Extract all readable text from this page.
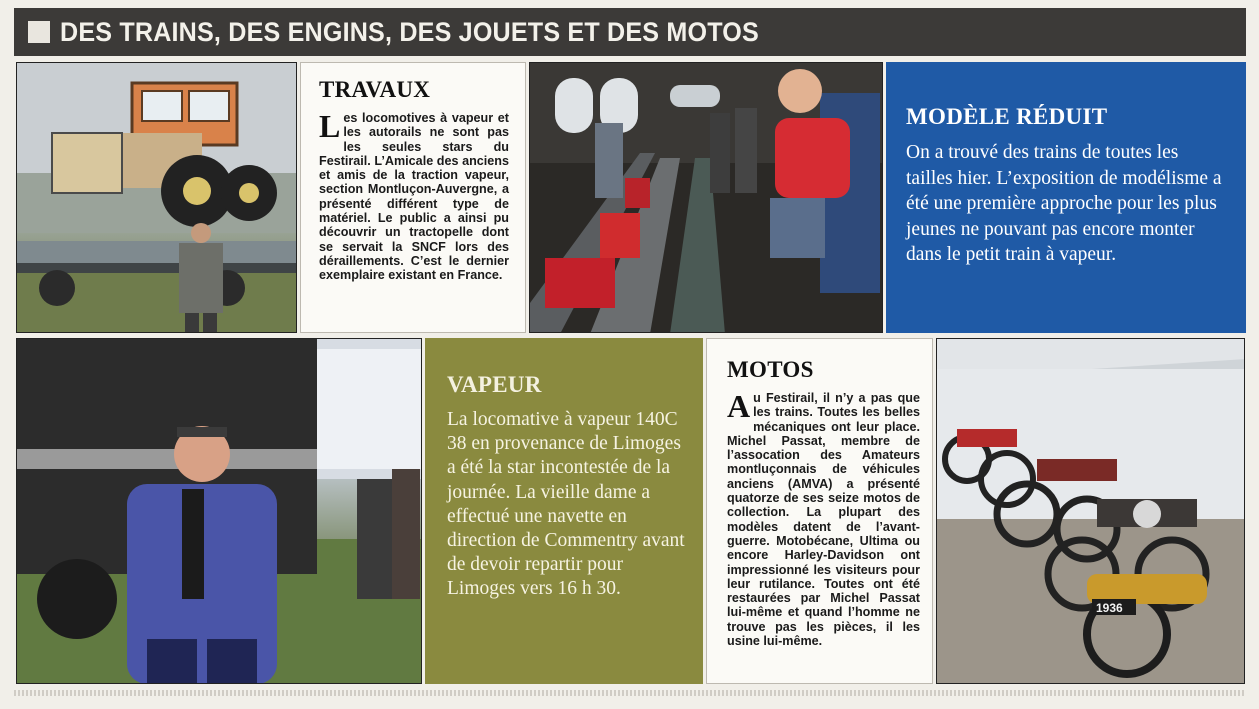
DES TRAINS, DES ENGINS, DES JOUETS ET DES MOTOS
TRAVAUX
Les locomotives à vapeur et les autorails ne sont pas les seules stars du Festirail. L’Amicale des anciens et amis de la traction vapeur, section Montluçon-Auvergne, a présenté différent type de matériel. Le public a ainsi pu découvrir un tractopelle dont se servait la SNCF lors des déraillements. C’est le dernier exemplaire existant en France.
MODÈLE RÉDUIT
On a trouvé des trains de toutes les tailles hier. L’exposition de modélisme a été une première approche pour les plus jeunes ne pouvant pas encore monter dans le petit train à vapeur.
VAPEUR
La locomative à vapeur 140C 38 en provenance de Limoges a été la star incontestée de la journée. La vieille dame a effectué une navette en direction de Commentry avant de devoir repartir pour Limoges vers 16 h 30.
MOTOS
Au Festirail, il n’y a pas que les trains. Toutes les belles mécaniques ont leur place. Michel Passat, membre de l’assocation des Amateurs montluçonnais de véhicules anciens (AMVA) a présenté quatorze de ses seize motos de collection. La plupart des modèles datent de l’avant-guerre. Motobécane, Ultima ou encore Harley-Davidson ont impressionné les visiteurs pour leur rutilance. Toutes ont été restaurées par Michel Passat lui-même et quand l’homme ne trouve pas les pièces, il les usine lui-même.
1936
